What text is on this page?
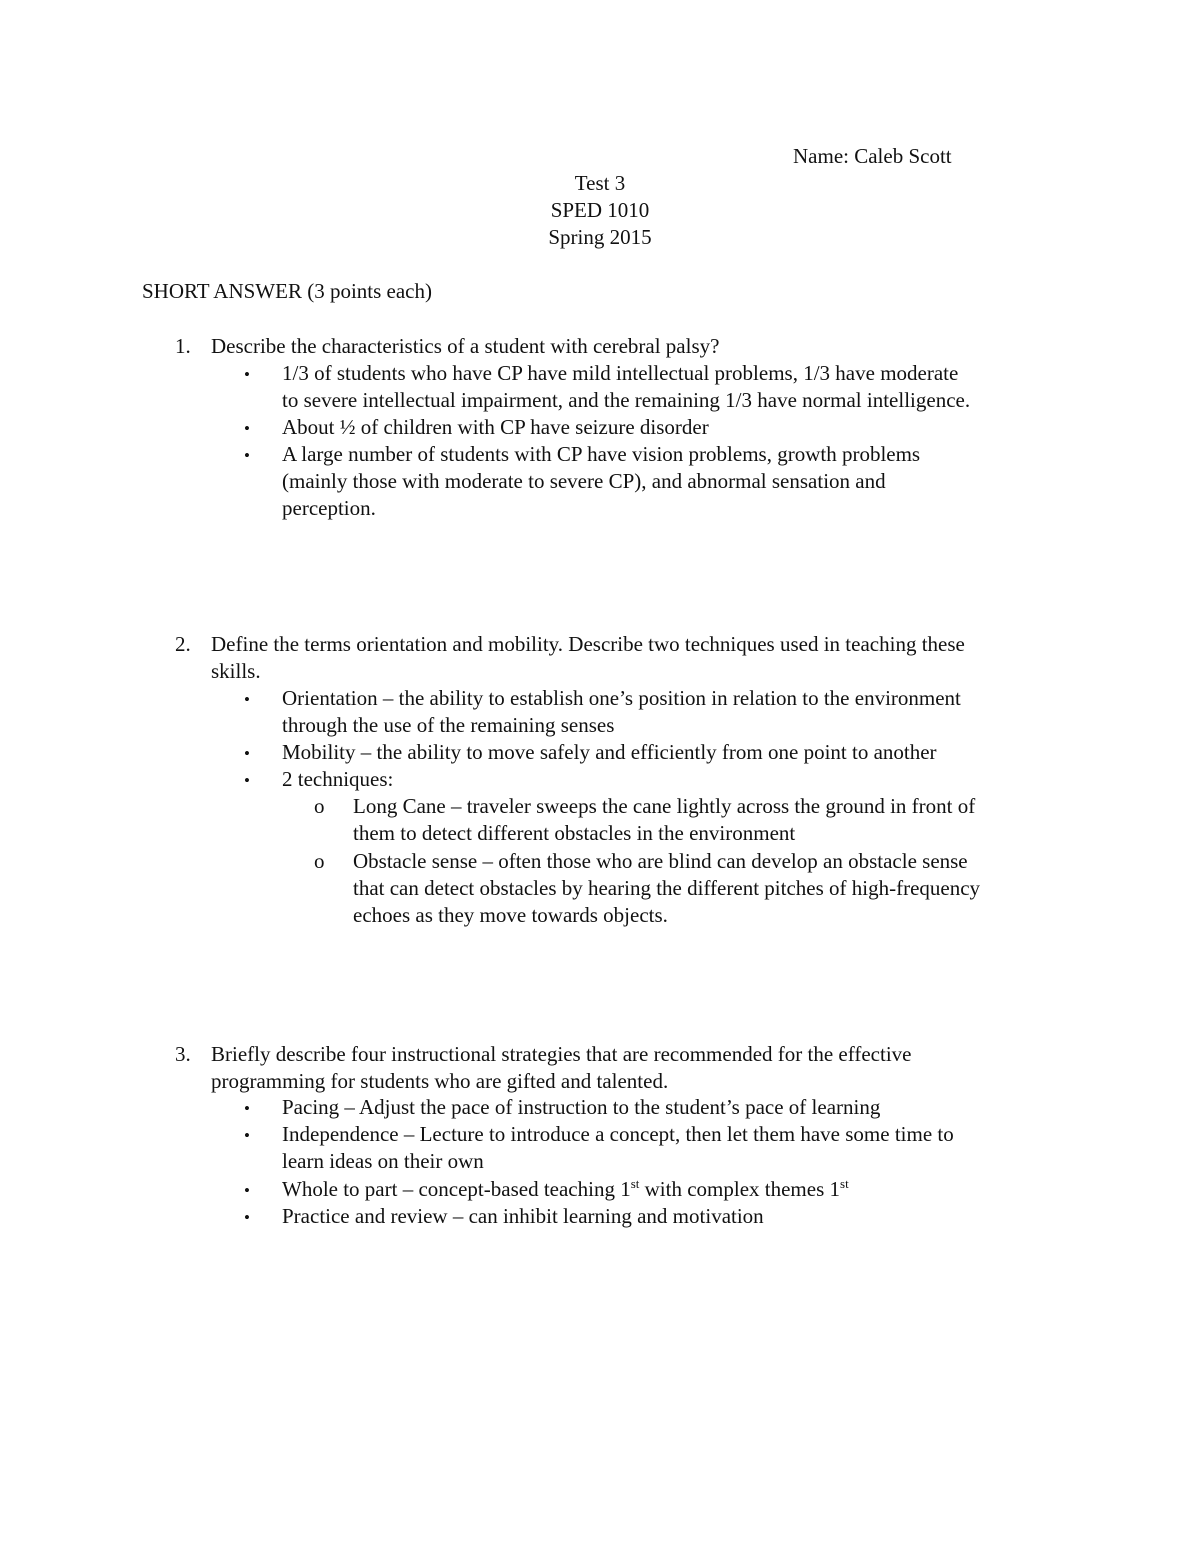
Name: Caleb Scott
Test 3
SPED 1010
Spring 2015
SHORT ANSWER (3 points each)
1. Describe the characteristics of a student with cerebral palsy?
•	1/3 of students who have CP have mild intellectual problems, 1/3 have moderate
to severe intellectual impairment, and the remaining 1/3 have normal intelligence.
•	About ½ of children with CP have seizure disorder
•	A large number of students with CP have vision problems, growth problems
(mainly those with moderate to severe CP), and abnormal sensation and
perception.
2. Define the terms orientation and mobility. Describe two techniques used in teaching these
skills.
•	Orientation – the ability to establish one’s position in relation to the environment
through the use of the remaining senses
•	Mobility – the ability to move safely and efficiently from one point to another
•	2 techniques:
o Long Cane – traveler sweeps the cane lightly across the ground in front of
them to detect different obstacles in the environment
o Obstacle sense – often those who are blind can develop an obstacle sense
that can detect obstacles by hearing the different pitches of high-frequency
echoes as they move towards objects.
3. Briefly describe four instructional strategies that are recommended for the effective
programming for students who are gifted and talented.
•	Pacing – Adjust the pace of instruction to the student’s pace of learning
•	Independence – Lecture to introduce a concept, then let them have some time to
learn ideas on their own
•	Whole to part – concept-based teaching 1st with complex themes 1st
•	Practice and review – can inhibit learning and motivation
